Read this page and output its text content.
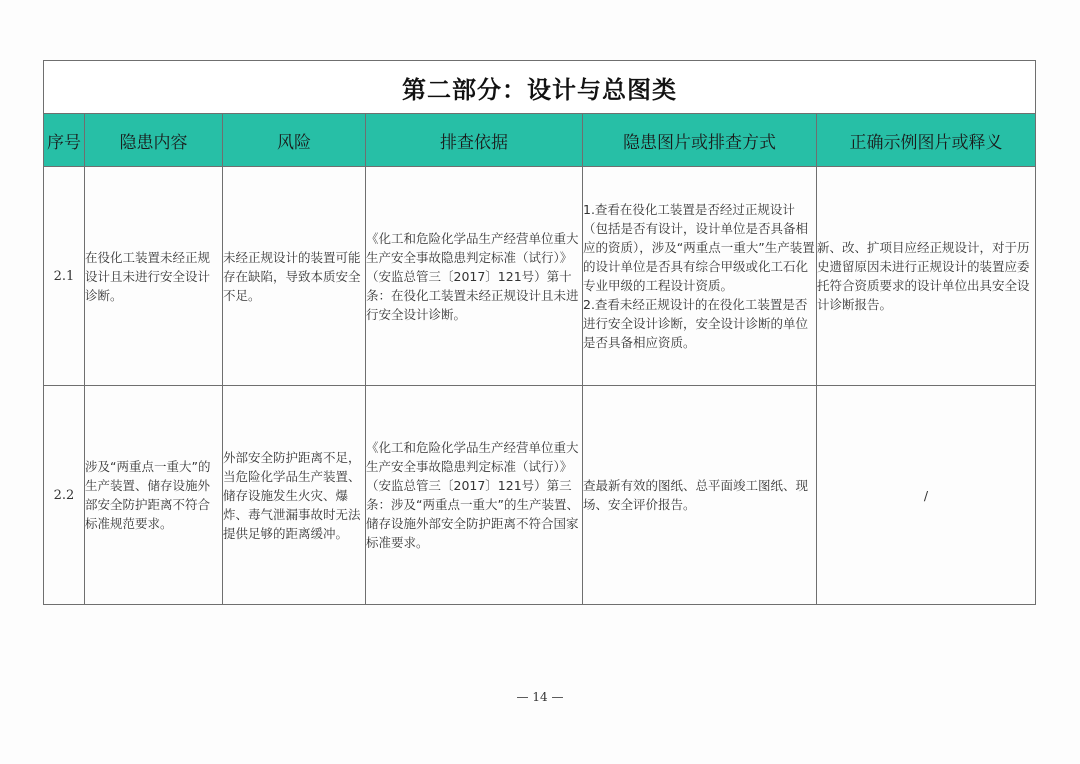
第二部分：设计与总图类					
序号	隐患内容	风险	排查依据	隐患图片或排查方式	正确示例图片或释义
2.1	在役化工装置未经正规设计且未进行安全设计诊断。	未经正规设计的装置可能存在缺陷，导致本质安全不足。	《化工和危险化学品生产经营单位重大生产安全事故隐患判定标准（试行）》（安监总管三〔2017〕121号）第十条：在役化工装置未经正规设计且未进行安全设计诊断。	1.查看在役化工装置是否经过正规设计（包括是否有设计，设计单位是否具备相应的资质），涉及“两重点一重大”生产装置的设计单位是否具有综合甲级或化工石化专业甲级的工程设计资质。
2.查看未经正规设计的在役化工装置是否进行安全设计诊断，安全设计诊断的单位是否具备相应资质。	新、改、扩项目应经正规设计，对于历史遗留原因未进行正规设计的装置应委托符合资质要求的设计单位出具安全设计诊断报告。
2.2	涉及“两重点一重大”的生产装置、储存设施外部安全防护距离不符合标准规范要求。	外部安全防护距离不足，当危险化学品生产装置、储存设施发生火灾、爆炸、毒气泄漏事故时无法提供足够的距离缓冲。	《化工和危险化学品生产经营单位重大生产安全事故隐患判定标准（试行）》（安监总管三〔2017〕121号）第三条：涉及“两重点一重大”的生产装置、储存设施外部安全防护距离不符合国家标准要求。	查最新有效的图纸、总平面竣工图纸、现场、安全评价报告。	/
— 14 —
